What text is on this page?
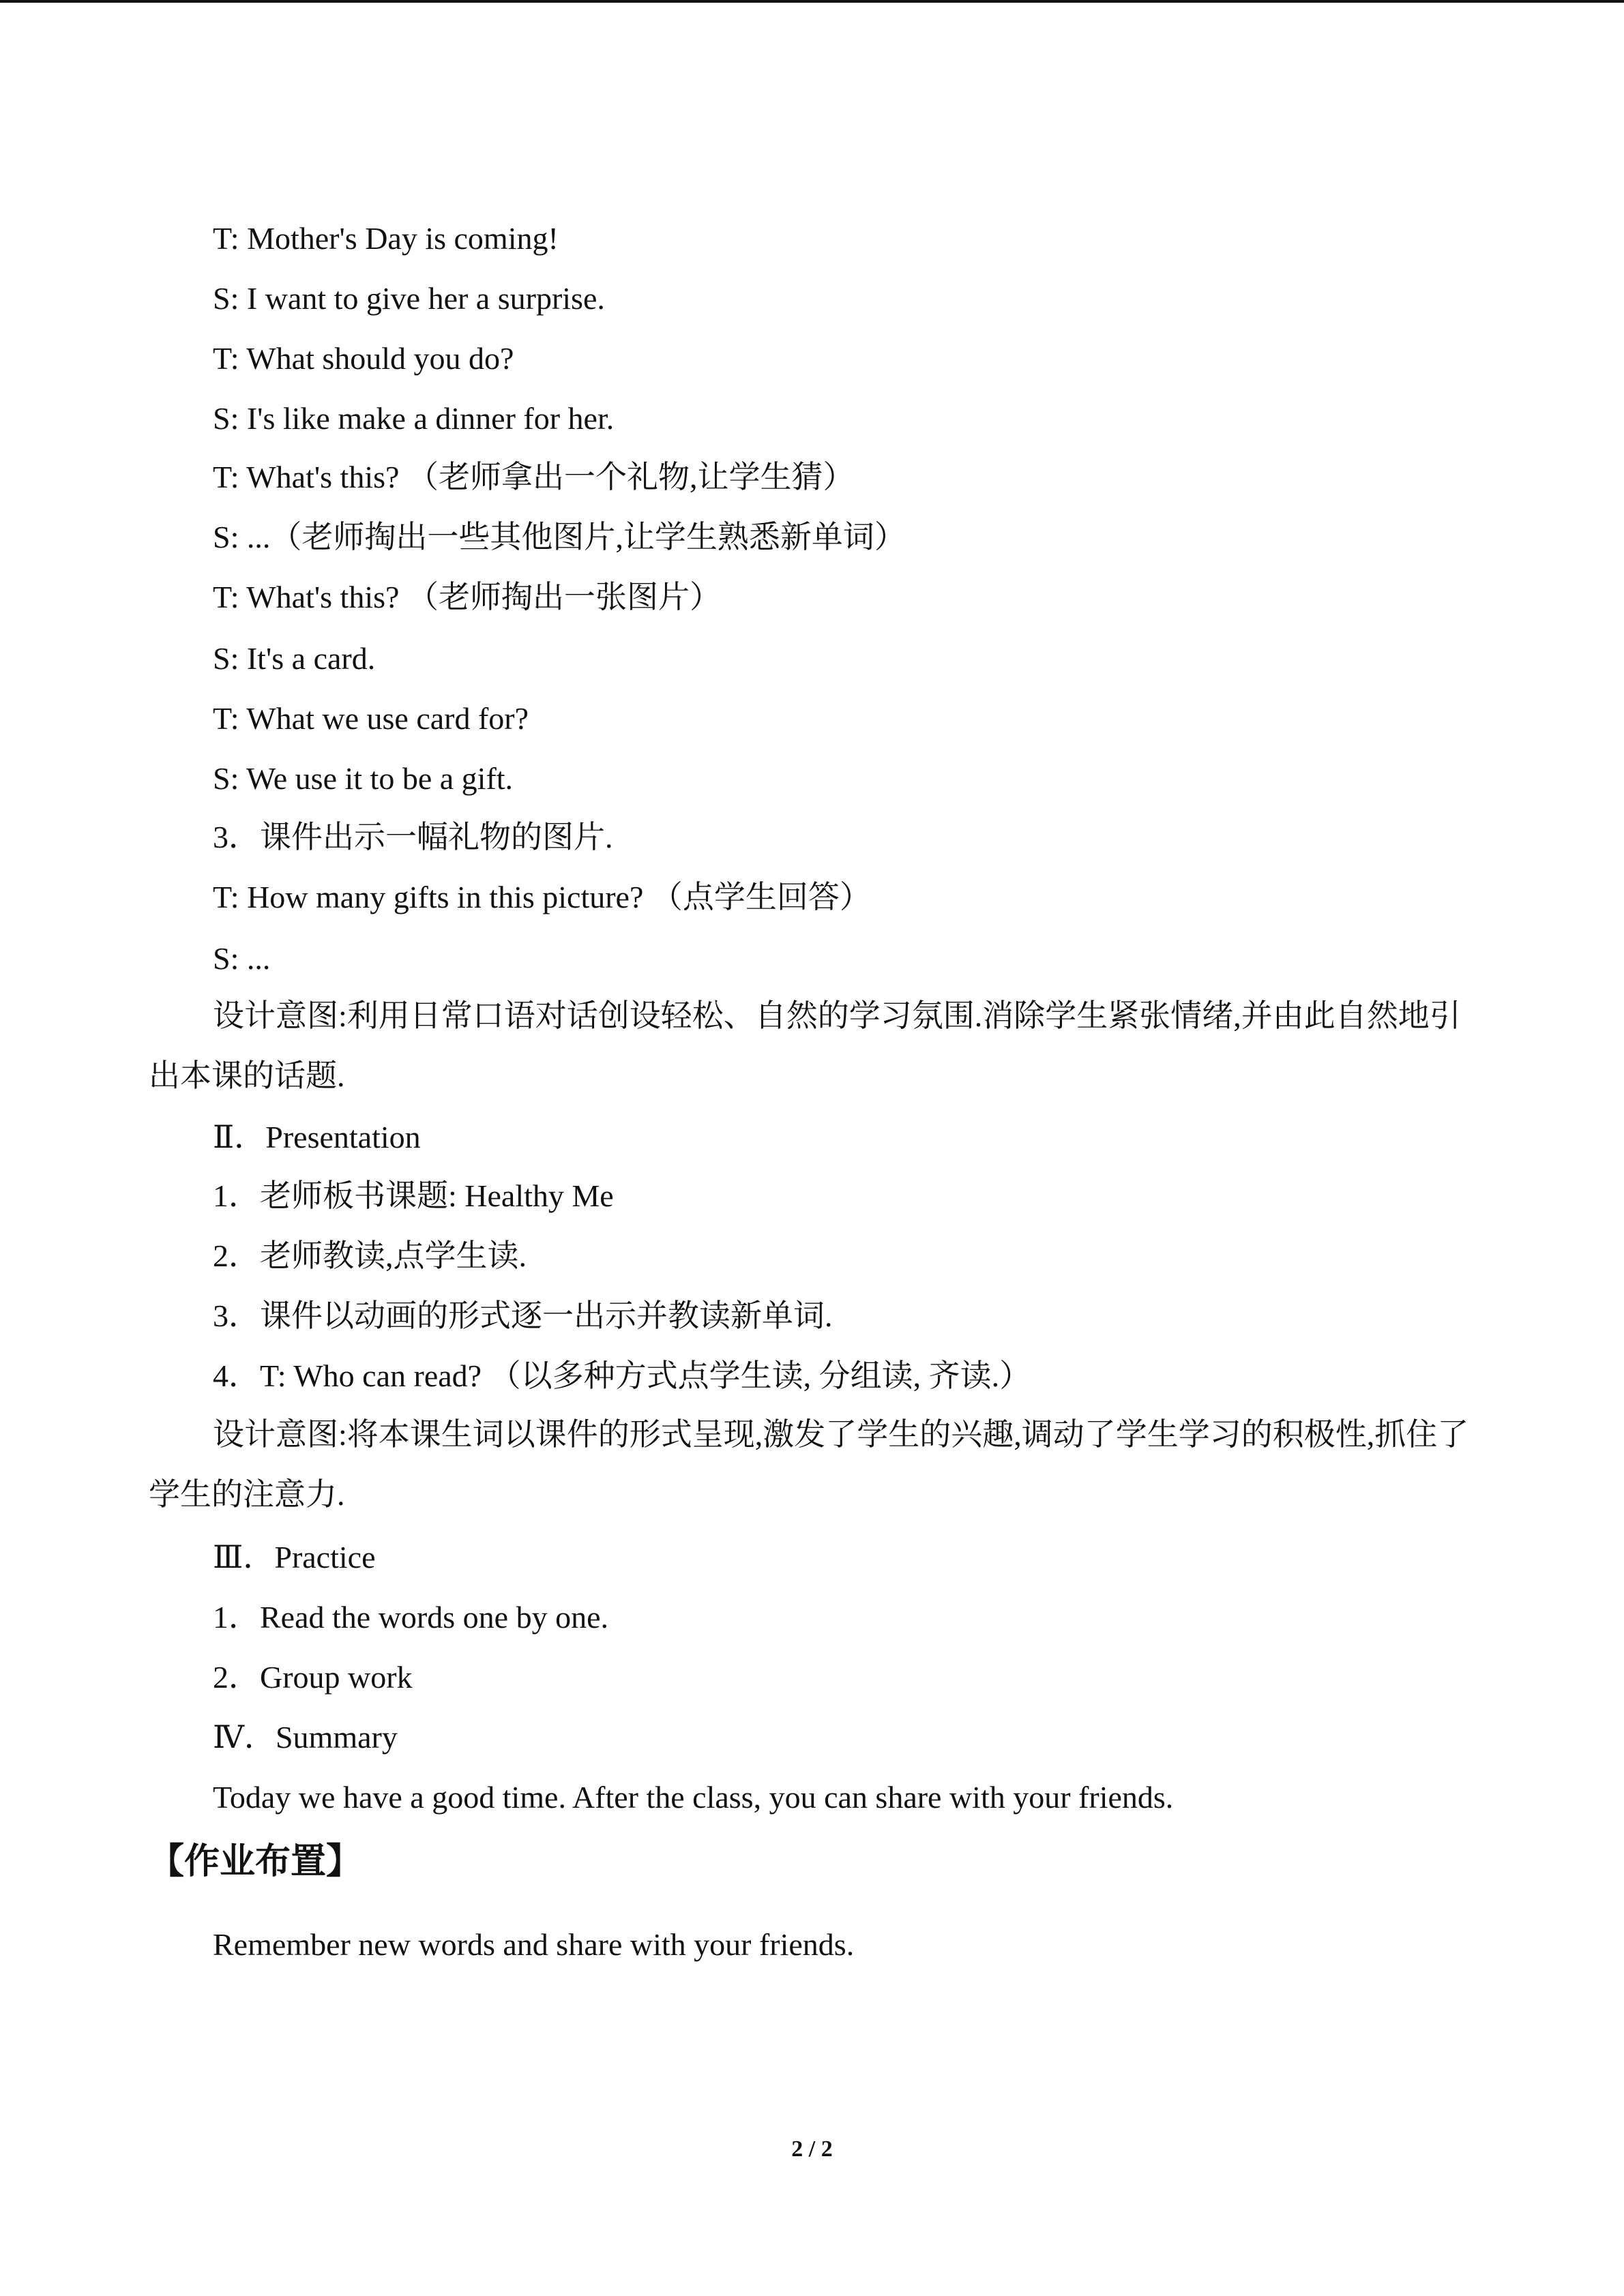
T: Mother's Day is coming!
S: I want to give her a surprise.
T: What should you do?
S: I's like make a dinner for her.
T: What's this? （老师拿出一个礼物,让学生猜）
S: ...（老师掏出一些其他图片,让学生熟悉新单词）
T: What's this? （老师掏出一张图片）
S: It's a card.
T: What we use card for?
S: We use it to be a gift.
3．课件出示一幅礼物的图片.
T: How many gifts in this picture? （点学生回答）
S: ...
设计意图:利用日常口语对话创设轻松、自然的学习氛围.消除学生紧张情绪,并由此自然地引出本课的话题.
Ⅱ．Presentation
1．老师板书课题: Healthy Me
2．老师教读,点学生读.
3．课件以动画的形式逐一出示并教读新单词.
4．T: Who can read? （以多种方式点学生读, 分组读, 齐读.）
设计意图:将本课生词以课件的形式呈现,激发了学生的兴趣,调动了学生学习的积极性,抓住了学生的注意力.
Ⅲ．Practice
1．Read the words one by one.
2．Group work
Ⅳ．Summary
Today we have a good time. After the class, you can share with your friends.
【作业布置】
Remember new words and share with your friends.
2 / 2
